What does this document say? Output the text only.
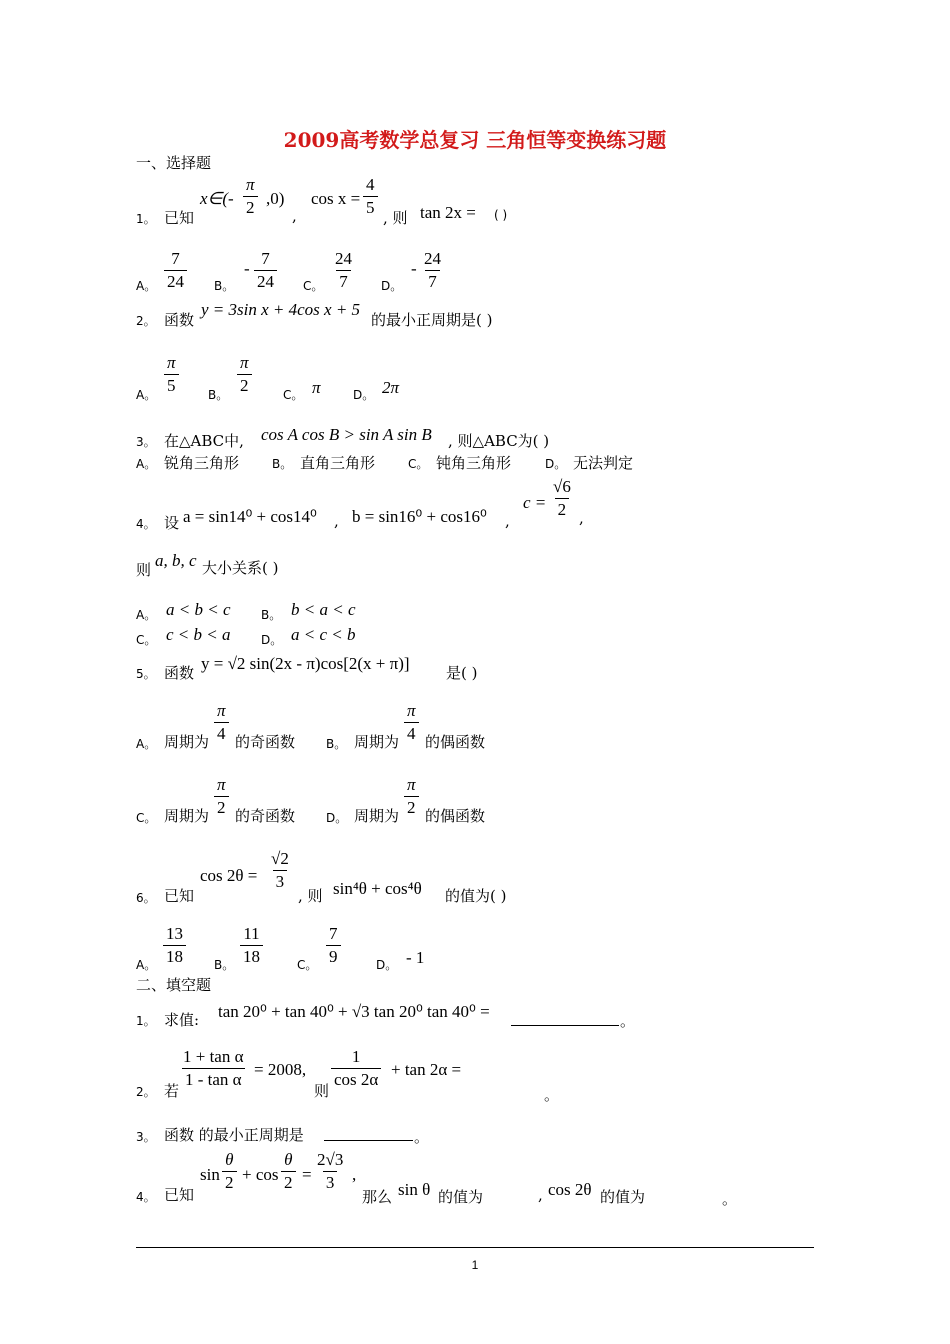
2009高考数学总复习 三角恒等变换练习题
一、选择题
1。 已知
x∈(- $\frac{\pi}{2} ,0$)
,
$\cos x = \frac{4}{5}$
, 则 tan 2x = ( )
A。 $\frac{7}{24}$ B。
- $\frac{7}{24}$ C。 $\frac{24}{7}$ D。
- $\frac{24}{7}$
2。 函数
y = 3sin x + 4cos x + 5
的最小正周期是( )
A。 $\frac{\pi}{5}$ B。 $\frac{\pi}{2}$	C。 π	D。 2π
3。 在△ABC中, cos A cos B > sin A sin B , 则△ABC为( )
A。 锐角三角形	B。 直角三角形	C。 钝角三角形	D。 无法判定
4。 设 a = sin14⁰ + cos14⁰ , b = sin16⁰ + cos16⁰ ,
$c = \frac{√6}{2}$ ,
则 a, b, c 大小关系( )
A。 a < b < c	B。 b < a < c
C。 c < b < a	D。 a < c < b
5。 函数 y = √2 sin(2x - π)cos[2(x + π)] 是( )
A。 周期为 $\frac{\pi}{4}$ 的奇函数	B。 周期为 $\frac{\pi}{4}$ 的偶函数
C。 周期为 $\frac{\pi}{2}$ 的奇函数	D。 周期为 $\frac{\pi}{2}$ 的偶函数
6。 已知
$\cos 2\theta = \frac{√2}{3}$
, 则 sin⁴θ + cos⁴θ 的值为( )
A。 $\frac{13}{18}$ B。 $\frac{11}{18}$	C。 $\frac{7}{9}$	D。 - 1
二、填空题
1。 求值: tan 20⁰ + tan 40⁰ + √3 tan 20⁰ tan 40⁰ =	。
2。 若
$\frac{\text{1 + tan α}}{\text{1 - tan α}} = 2008$,
则
$\frac{1}{\cos 2\alpha} + \tan 2\alpha$ =
。
3。 函数 的最小正周期是	。
4。 已知
$\sin \frac{\theta}{2} + \cos \frac{\theta}{2} = \frac{2√3}{3}$ ,
那么 sin θ 的值为	, cos 2θ 的值为	。
1
